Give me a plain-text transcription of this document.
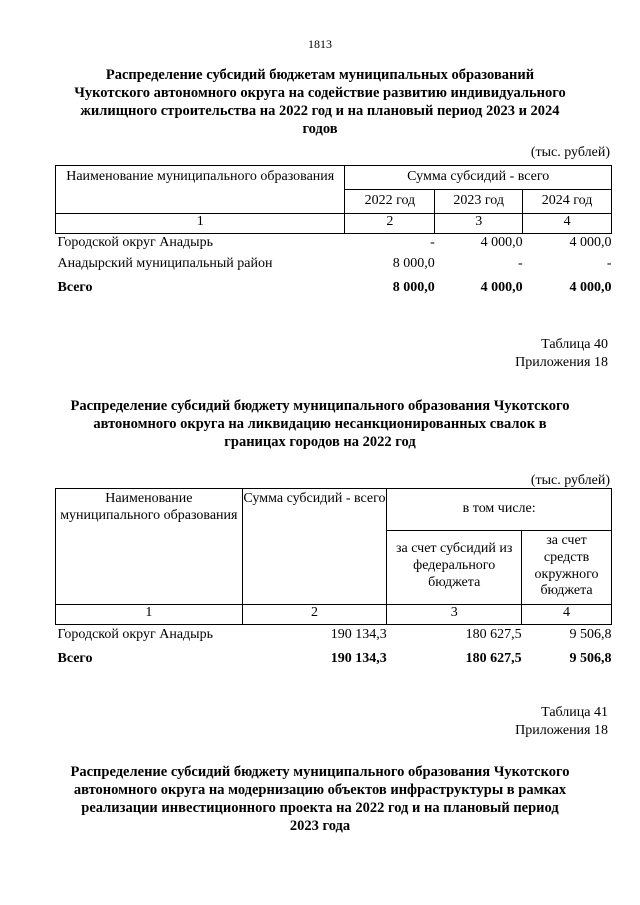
1813
Распределение субсидий бюджетам муниципальных образований Чукотского автономного округа на содействие развитию индивидуального жилищного строительства на 2022 год и на плановый период 2023 и 2024 годов
(тыс. рублей)
Наименование муниципального образования	Сумма субсидий - всего		
	2022 год	2023 год	2024 год
1	2	3	4
Городской округ Анадырь	-	4 000,0	4 000,0
Анадырский муниципальный район	8 000,0	-	-
Всего	8 000,0	4 000,0	4 000,0
Таблица 40
Приложения 18
Распределение субсидий бюджету муниципального образования Чукотского автономного округа на ликвидацию несанкционированных свалок в границах городов на 2022 год
(тыс. рублей)
Наименование муниципального образования	Сумма субсидий - всего	в том числе:	
		за счет субсидий из федерального бюджета	за счет средств окружного бюджета
1	2	3	4
Городской округ Анадырь	190 134,3	180 627,5	9 506,8
Всего	190 134,3	180 627,5	9 506,8
Таблица 41
Приложения 18
Распределение субсидий бюджету муниципального образования Чукотского автономного округа на модернизацию объектов инфраструктуры в рамках реализации инвестиционного проекта на 2022 год и на плановый период 2023 года
